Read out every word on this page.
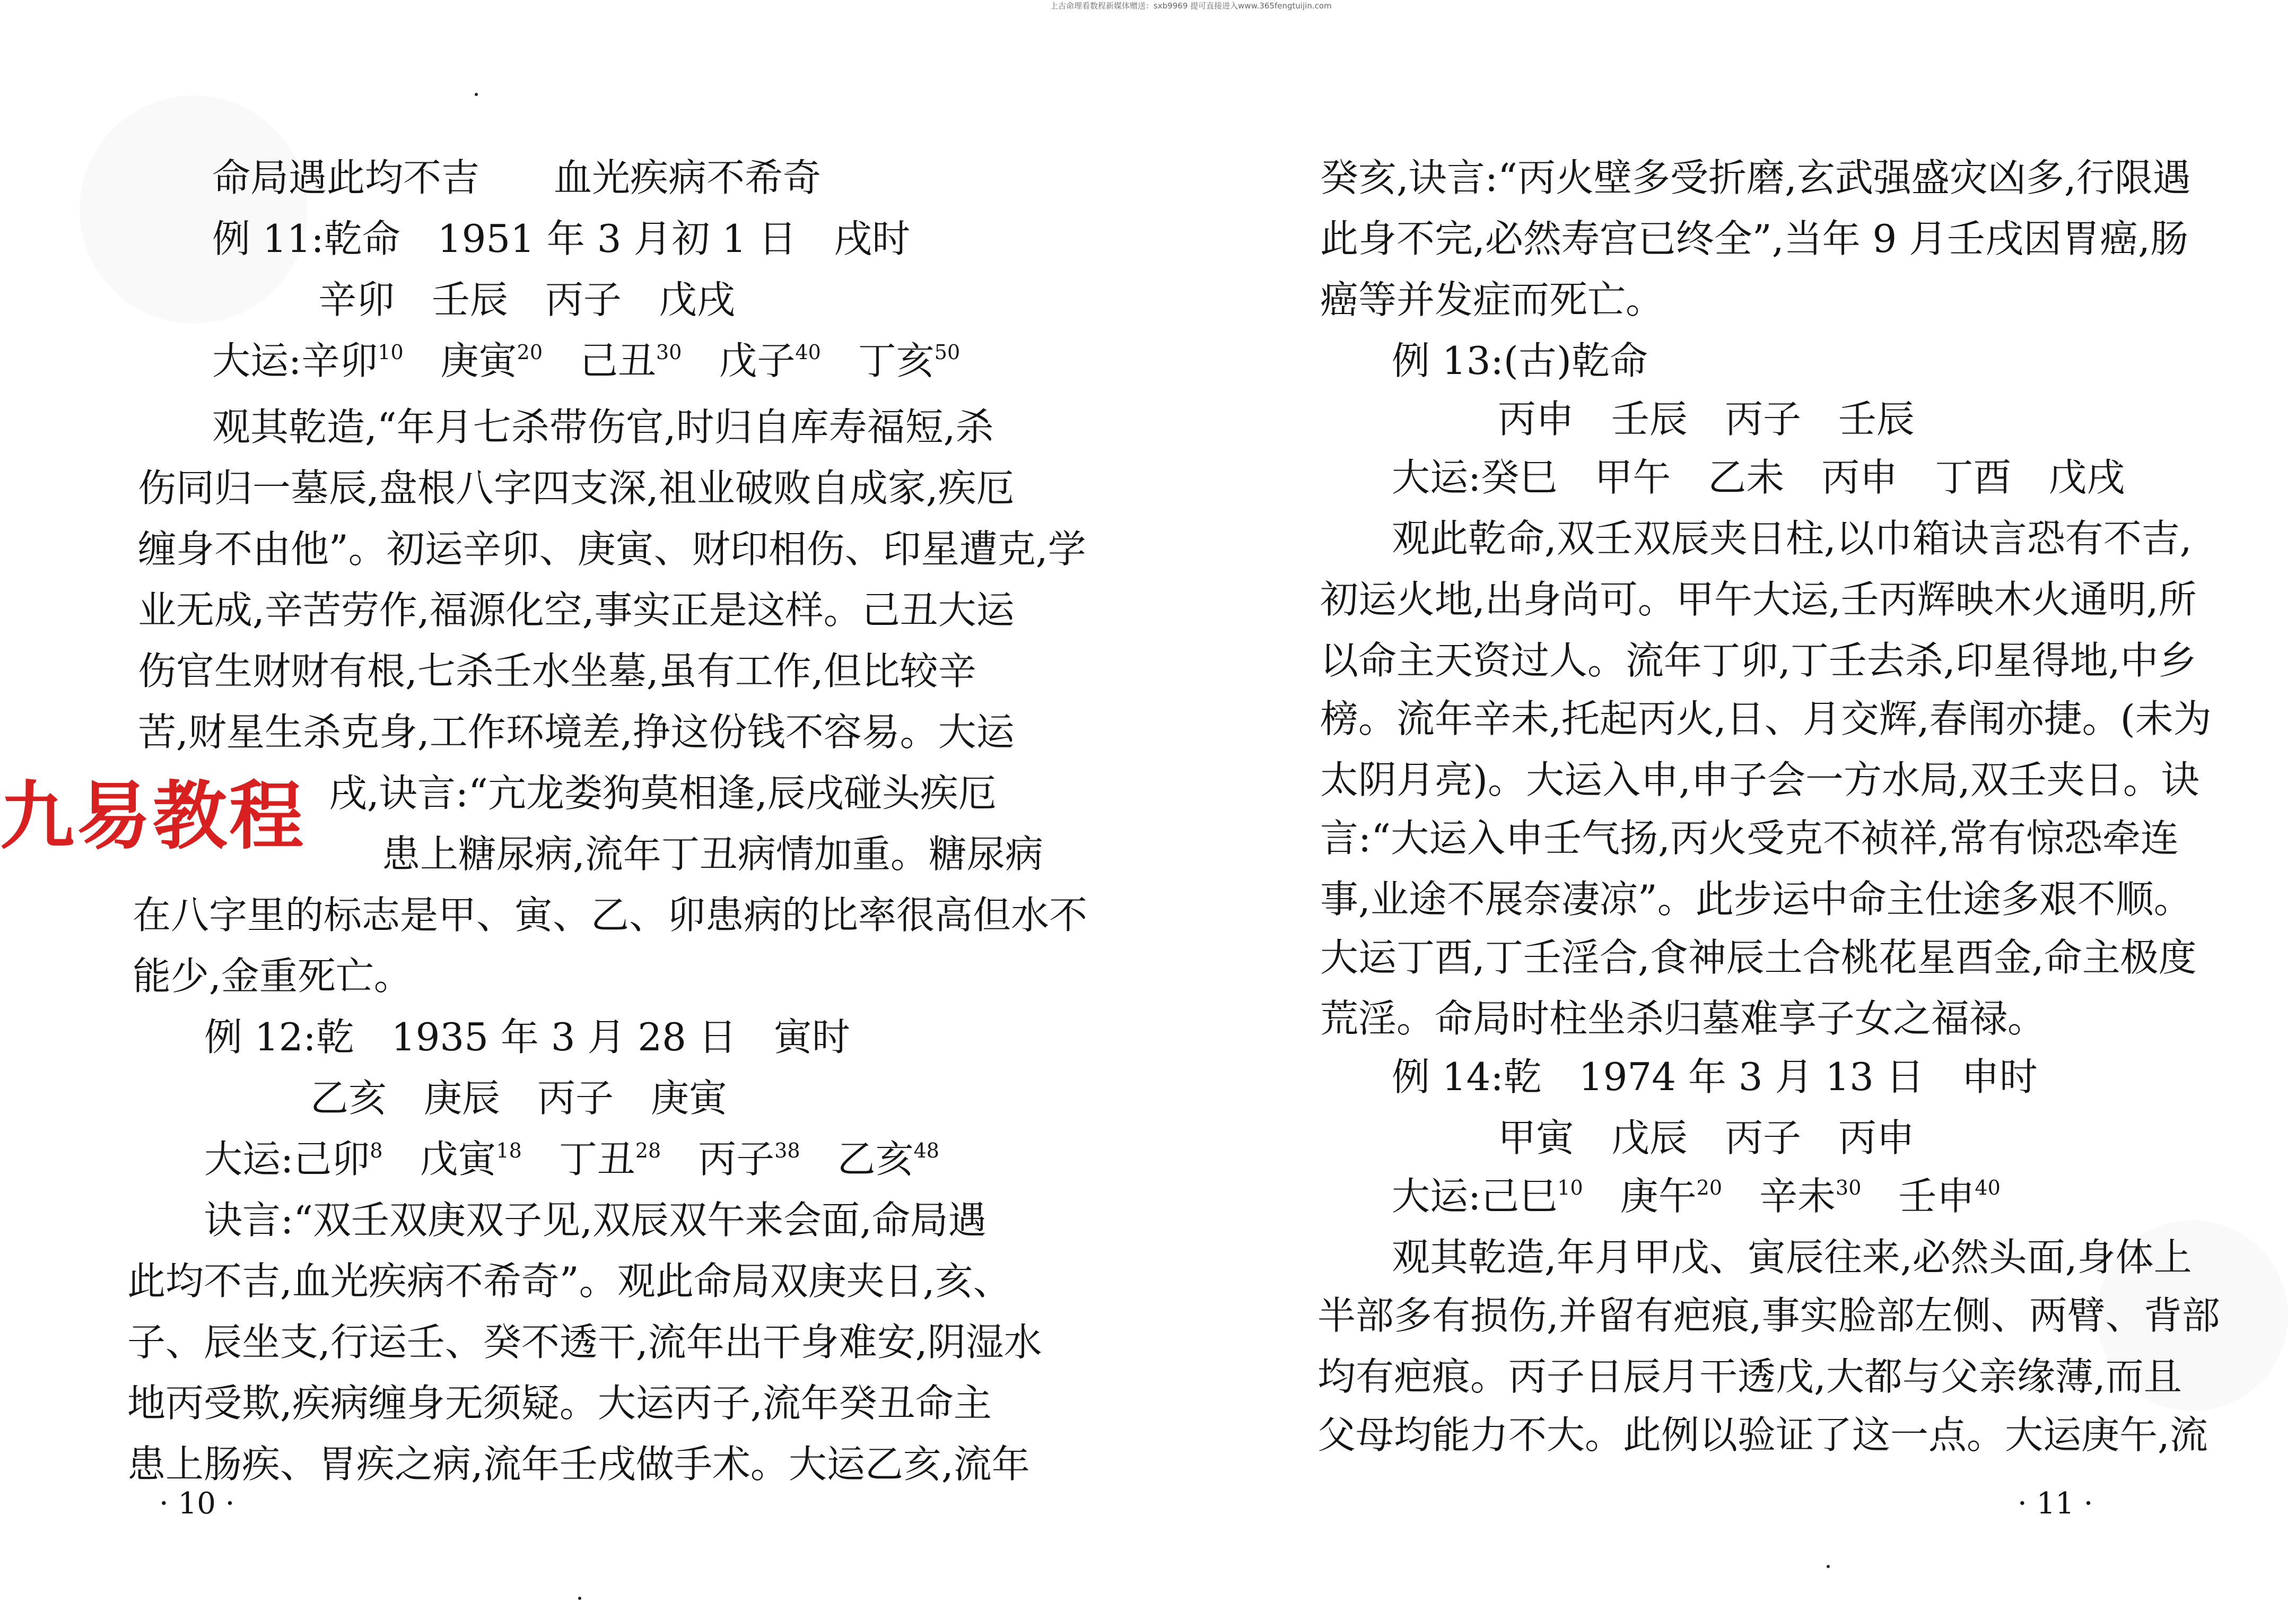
上古命理看数程新媒体赠送：sxb9969 提可直接进入www.365fengtuijin.com
命局遇此均不吉 血光疾病不希奇
例 11:乾命 1951 年 3 月初 1 日 戌时
辛卯 壬辰 丙子 戊戌
大运:辛卯$^{10}$ 庚寅$^{20}$ 己丑$^{30}$ 戊子$^{40}$ 丁亥$^{50}$
观其乾造,“年月七杀带伤官,时归自库寿福短,杀
伤同归一墓辰,盘根八字四支深,祖业破败自成家,疾厄
缠身不由他”。初运辛卯、庚寅、财印相伤、印星遭克,学
业无成,辛苦劳作,福源化空,事实正是这样。己丑大运
伤官生财财有根,七杀壬水坐墓,虽有工作,但比较辛
苦,财星生杀克身,工作环境差,挣这份钱不容易。大运
戌,诀言:“亢龙娄狗莫相逢,辰戌碰头疾厄
患上糖尿病,流年丁丑病情加重。糖尿病
在八字里的标志是甲、寅、乙、卯患病的比率很高但水不
能少,金重死亡。
例 12:乾 1935 年 3 月 28 日 寅时
乙亥 庚辰 丙子 庚寅
大运:己卯$^8$ 戊寅$^{18}$ 丁丑$^{28}$ 丙子$^{38}$ 乙亥$^{48}$
诀言:“双壬双庚双子见,双辰双午来会面,命局遇
此均不吉,血光疾病不希奇”。观此命局双庚夹日,亥、
子、辰坐支,行运壬、癸不透干,流年出干身难安,阴湿水
地丙受欺,疾病缠身无须疑。大运丙子,流年癸丑命主
患上肠疾、胃疾之病,流年壬戌做手术。大运乙亥,流年
· 10 ·
九易教程
癸亥,诀言:“丙火壁多受折磨,玄武强盛灾凶多,行限遇
此身不完,必然寿宫已终全”,当年 9 月壬戌因胃癌,肠
癌等并发症而死亡。
例 13:(古)乾命
丙申 壬辰 丙子 壬辰
大运:癸巳 甲午 乙未 丙申 丁酉 戊戌
观此乾命,双壬双辰夹日柱,以巾箱诀言恐有不吉,
初运火地,出身尚可。甲午大运,壬丙辉映木火通明,所
以命主天资过人。流年丁卯,丁壬去杀,印星得地,中乡
榜。流年辛未,托起丙火,日、月交辉,春闱亦捷。(未为
太阴月亮)。大运入申,申子会一方水局,双壬夹日。诀
言:“大运入申壬气扬,丙火受克不祯祥,常有惊恐牵连
事,业途不展奈凄凉”。此步运中命主仕途多艰不顺。
大运丁酉,丁壬淫合,食神辰土合桃花星酉金,命主极度
荒淫。命局时柱坐杀归墓难享子女之福禄。
例 14:乾 1974 年 3 月 13 日 申时
甲寅 戊辰 丙子 丙申
大运:己巳$^{10}$ 庚午$^{20}$ 辛未$^{30}$ 壬申$^{40}$
观其乾造,年月甲戊、寅辰往来,必然头面,身体上
半部多有损伤,并留有疤痕,事实脸部左侧、两臂、背部
均有疤痕。丙子日辰月干透戊,大都与父亲缘薄,而且
父母均能力不大。此例以验证了这一点。大运庚午,流
· 11 ·
